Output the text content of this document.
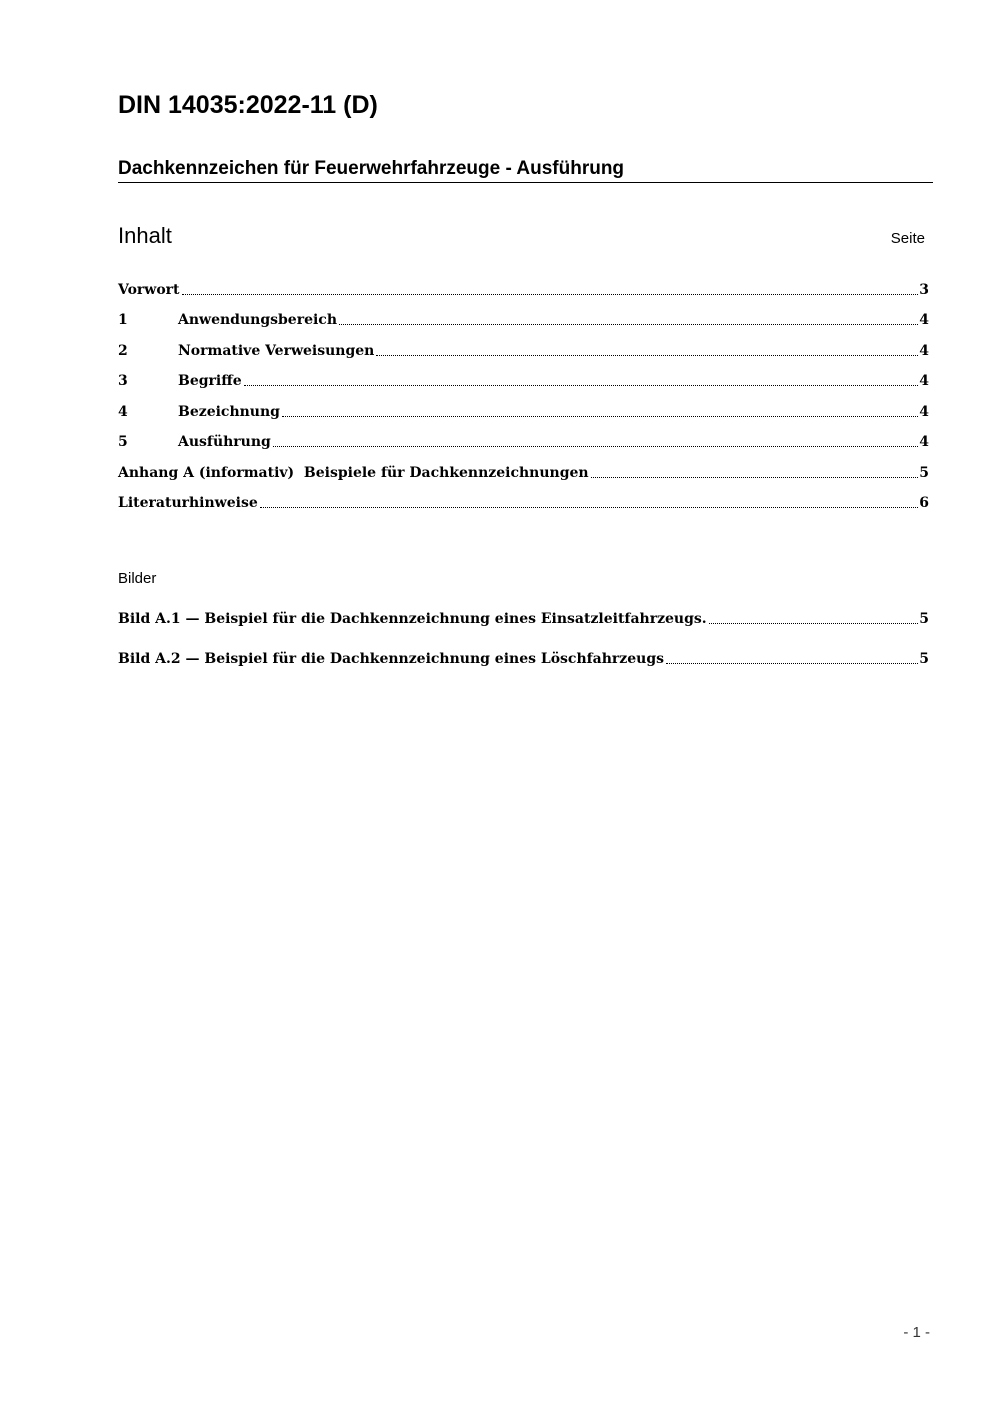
DIN 14035:2022-11 (D)
Dachkennzeichen für Feuerwehrfahrzeuge - Ausführung
Inhalt	Seite
Vorwort	3
1	Anwendungsbereich	4
2	Normative Verweisungen	4
3	Begriffe	4
4	Bezeichnung	4
5	Ausführung	4
Anhang A (informativ)  Beispiele für Dachkennzeichnungen	5
Literaturhinweise	6
Bilder
Bild A.1 — Beispiel für die Dachkennzeichnung eines Einsatzleitfahrzeugs.	5
Bild A.2 — Beispiel für die Dachkennzeichnung eines Löschfahrzeugs	5
- 1 -
